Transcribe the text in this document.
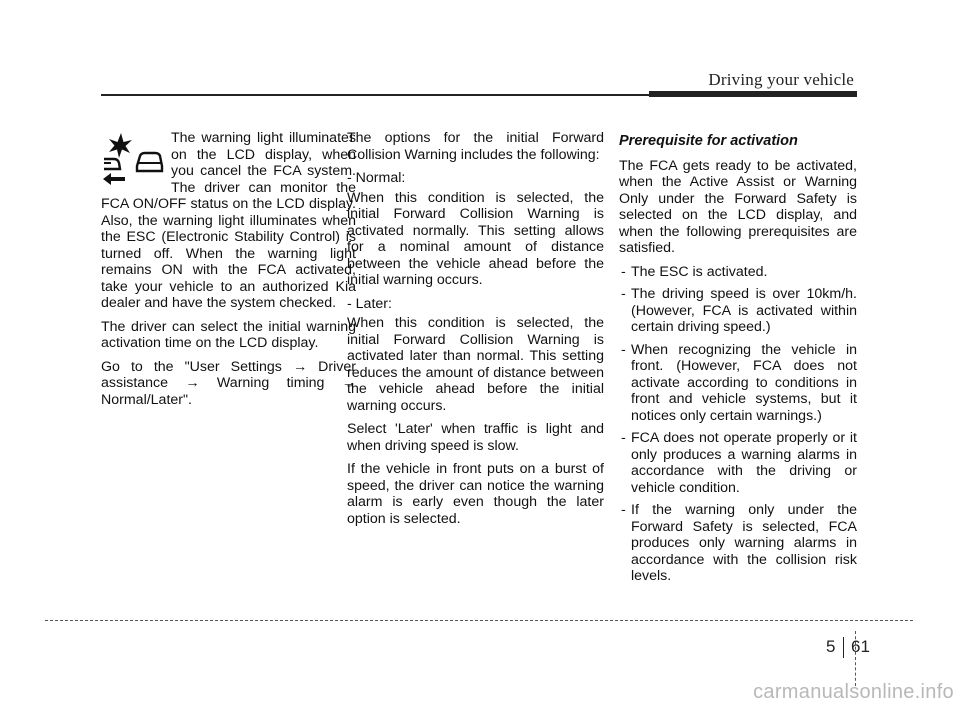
Driving your vehicle

The warning light illuminates on the LCD display, when you cancel the FCA system. The driver can monitor the FCA ON/OFF status on the LCD display. Also, the warning light illuminates when the ESC (Electronic Stability Control) is turned off. When the warning light remains ON with the FCA activated, take your vehicle to an authorized Kia dealer and have the system checked.

The driver can select the initial warning activation time on the LCD display.

Go to the "User Settings → Driver assistance → Warning timing → Normal/Later".

The options for the initial Forward Collision Warning includes the following:

- Normal:

When this condition is selected, the initial Forward Collision Warning is activated normally. This setting allows for a nominal amount of distance between the vehicle ahead before the initial warning occurs.

- Later:

When this condition is selected, the initial Forward Collision Warning is activated later than normal. This setting reduces the amount of distance between the vehicle ahead before the initial warning occurs.

Select 'Later' when traffic is light and when driving speed is slow.

If the vehicle in front puts on a burst of speed, the driver can notice the warning alarm is early even though the later option is selected.

Prerequisite for activation

The FCA gets ready to be activated, when the Active Assist or Warning Only under the Forward Safety is selected on the LCD display, and when the following prerequisites are satisfied.

- The ESC is activated.
- The driving speed is over 10km/h. (However, FCA is activated within certain driving speed.)
- When recognizing the vehicle in front. (However, FCA does not activate according to conditions in front and vehicle systems, but it notices only certain warnings.)
- FCA does not operate properly or it only produces a warning alarms in accordance with the driving or vehicle condition.
- If the warning only under the Forward Safety is selected, FCA produces only warning alarms in accordance with the collision risk levels.
5 61
carmanualsonline.info
